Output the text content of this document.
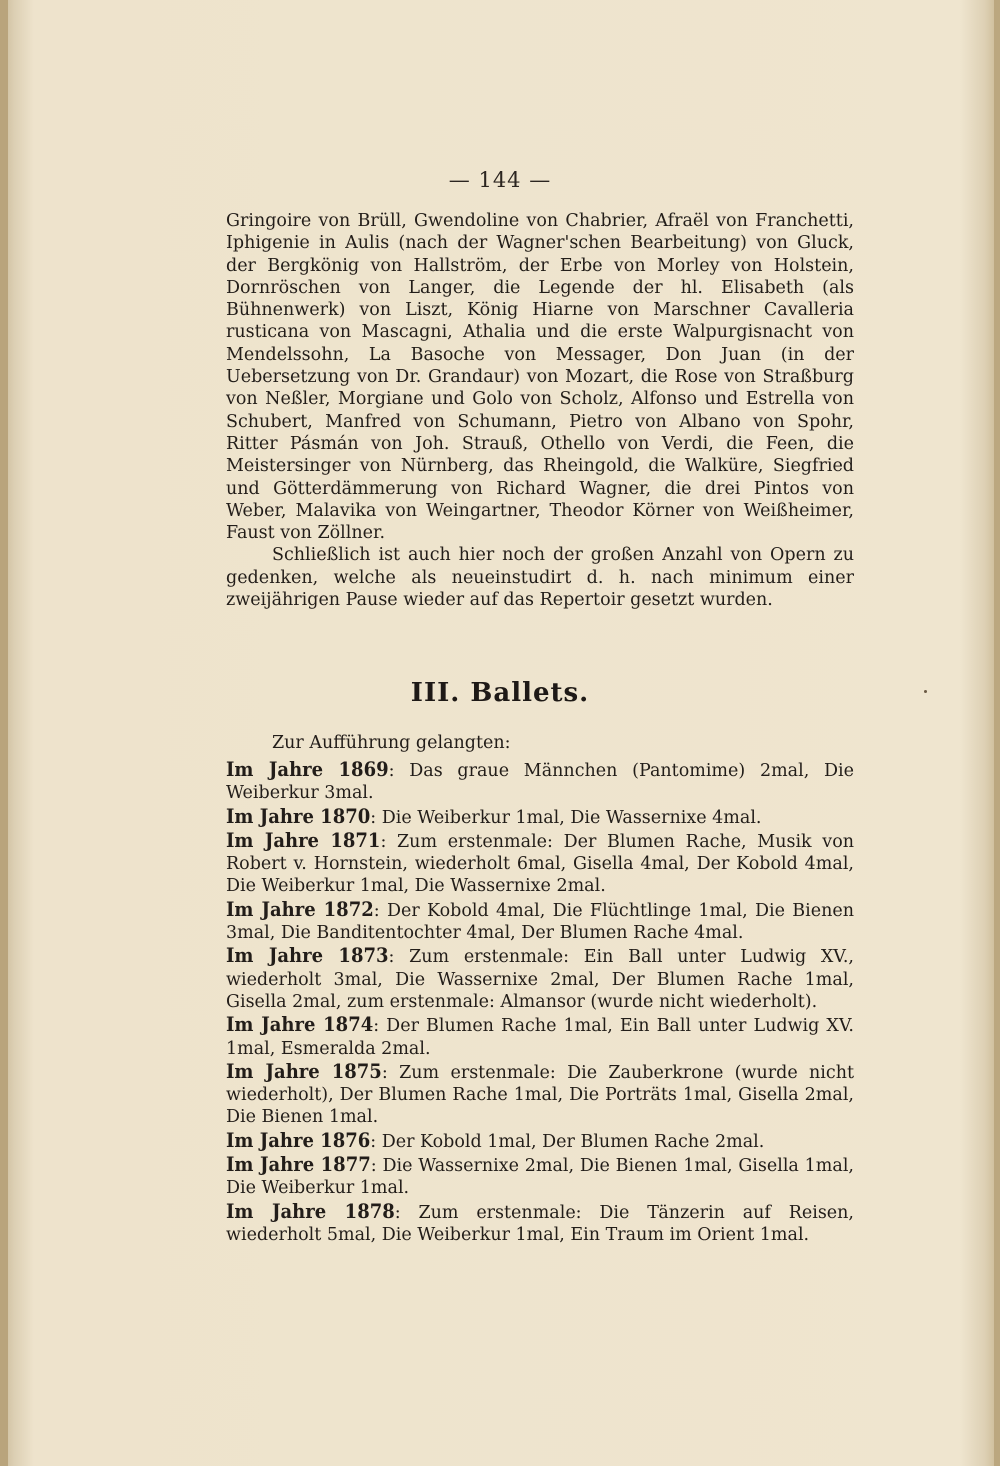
— 144 —

Gringoire von Brüll, Gwendoline von Chabrier, Afraël von Franchetti, Iphigenie in Aulis (nach der Wagner'schen Bearbeitung) von Gluck, der Bergkönig von Hallström, der Erbe von Morley von Holstein, Dornröschen von Langer, die Legende der hl. Elisabeth (als Bühnenwerk) von Liszt, König Hiarne von Marschner Cavalleria rusticana von Mascagni, Athalia und die erste Walpurgisnacht von Mendelssohn, La Basoche von Messager, Don Juan (in der Uebersetzung von Dr. Grandaur) von Mozart, die Rose von Straßburg von Neßler, Morgiane und Golo von Scholz, Alfonso und Estrella von Schubert, Manfred von Schumann, Pietro von Albano von Spohr, Ritter Pásmán von Joh. Strauß, Othello von Verdi, die Feen, die Meistersinger von Nürnberg, das Rheingold, die Walküre, Siegfried und Götterdämmerung von Richard Wagner, die drei Pintos von Weber, Malavika von Weingartner, Theodor Körner von Weißheimer, Faust von Zöllner.

Schließlich ist auch hier noch der großen Anzahl von Opern zu gedenken, welche als neueinstudirt d. h. nach minimum einer zweijährigen Pause wieder auf das Repertoir gesetzt wurden.

III. Ballets.
Zur Aufführung gelangten:

Im Jahre 1869: Das graue Männchen (Pantomime) 2mal, Die Weiberkur 3mal.

Im Jahre 1870: Die Weiberkur 1mal, Die Wassernixe 4mal.

Im Jahre 1871: Zum erstenmale: Der Blumen Rache, Musik von Robert v. Hornstein, wiederholt 6mal, Gisella 4mal, Der Kobold 4mal, Die Weiberkur 1mal, Die Wassernixe 2mal.

Im Jahre 1872: Der Kobold 4mal, Die Flüchtlinge 1mal, Die Bienen 3mal, Die Banditentochter 4mal, Der Blumen Rache 4mal.

Im Jahre 1873: Zum erstenmale: Ein Ball unter Ludwig XV., wiederholt 3mal, Die Wassernixe 2mal, Der Blumen Rache 1mal, Gisella 2mal, zum erstenmale: Almansor (wurde nicht wiederholt).

Im Jahre 1874: Der Blumen Rache 1mal, Ein Ball unter Ludwig XV. 1mal, Esmeralda 2mal.

Im Jahre 1875: Zum erstenmale: Die Zauberkrone (wurde nicht wiederholt), Der Blumen Rache 1mal, Die Porträts 1mal, Gisella 2mal, Die Bienen 1mal.

Im Jahre 1876: Der Kobold 1mal, Der Blumen Rache 2mal.

Im Jahre 1877: Die Wassernixe 2mal, Die Bienen 1mal, Gisella 1mal, Die Weiberkur 1mal.

Im Jahre 1878: Zum erstenmale: Die Tänzerin auf Reisen, wiederholt 5mal, Die Weiberkur 1mal, Ein Traum im Orient 1mal.
